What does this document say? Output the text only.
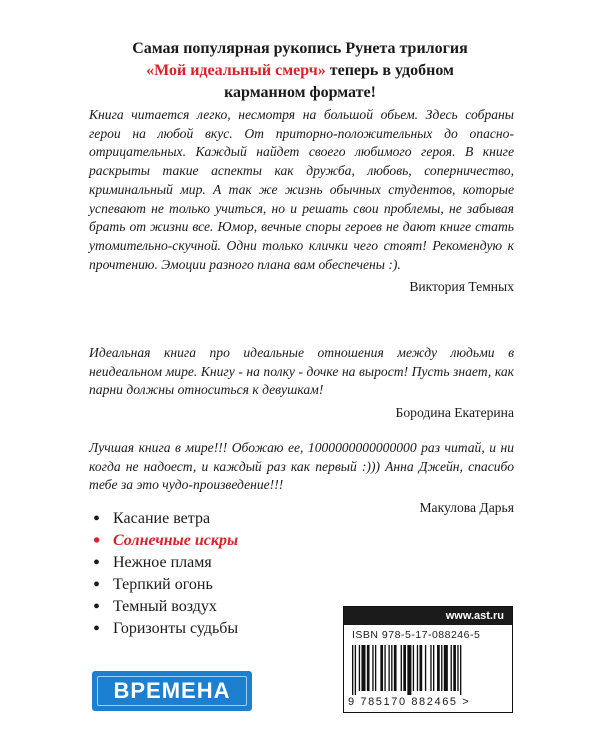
Самая популярная рукопись Рунета трилогия
«Мой идеальный смерч» теперь в удобном
карманном формате!
Книга читается легко, несмотря на большой обьем. Здесь собраны герои на любой вкус. От приторно-положительных до опасно-отрицательных. Каждый найдет своего любимого героя. В книге раскрыты такие аспекты как дружба, любовь, соперничество, криминальный мир. А так же жизнь обычных студентов, которые успевают не только учиться, но и решать свои проблемы, не забывая брать от жизни все. Юмор, вечные споры героев не дают книге стать утомительно-скучной. Одни только клички чего стоят! Рекомендую к прочтению. Эмоции разного плана вам обеспечены :).
Виктория Темных
Идеальная книга про идеальные отношения между людьми в неидеальном мире. Книгу - на полку - дочке на вырост! Пусть знает, как парни должны относиться к девушкам!
Бородина Екатерина
Лучшая книга в мире!!! Обожаю ее, 1000000000000000 раз читай, и ни когда не надоест, и каждый раз как первый :))) Анна Джейн, спасибо тебе за это чудо-произведение!!!
Макулова Дарья
• Касание ветра
• Солнечные искры
• Нежное пламя
• Терпкий огонь
• Темный воздух
• Горизонты судьбы
ВРЕМЕНА
www.ast.ru
ISBN 978-5-17-088246-5
9 785170 882465 >
